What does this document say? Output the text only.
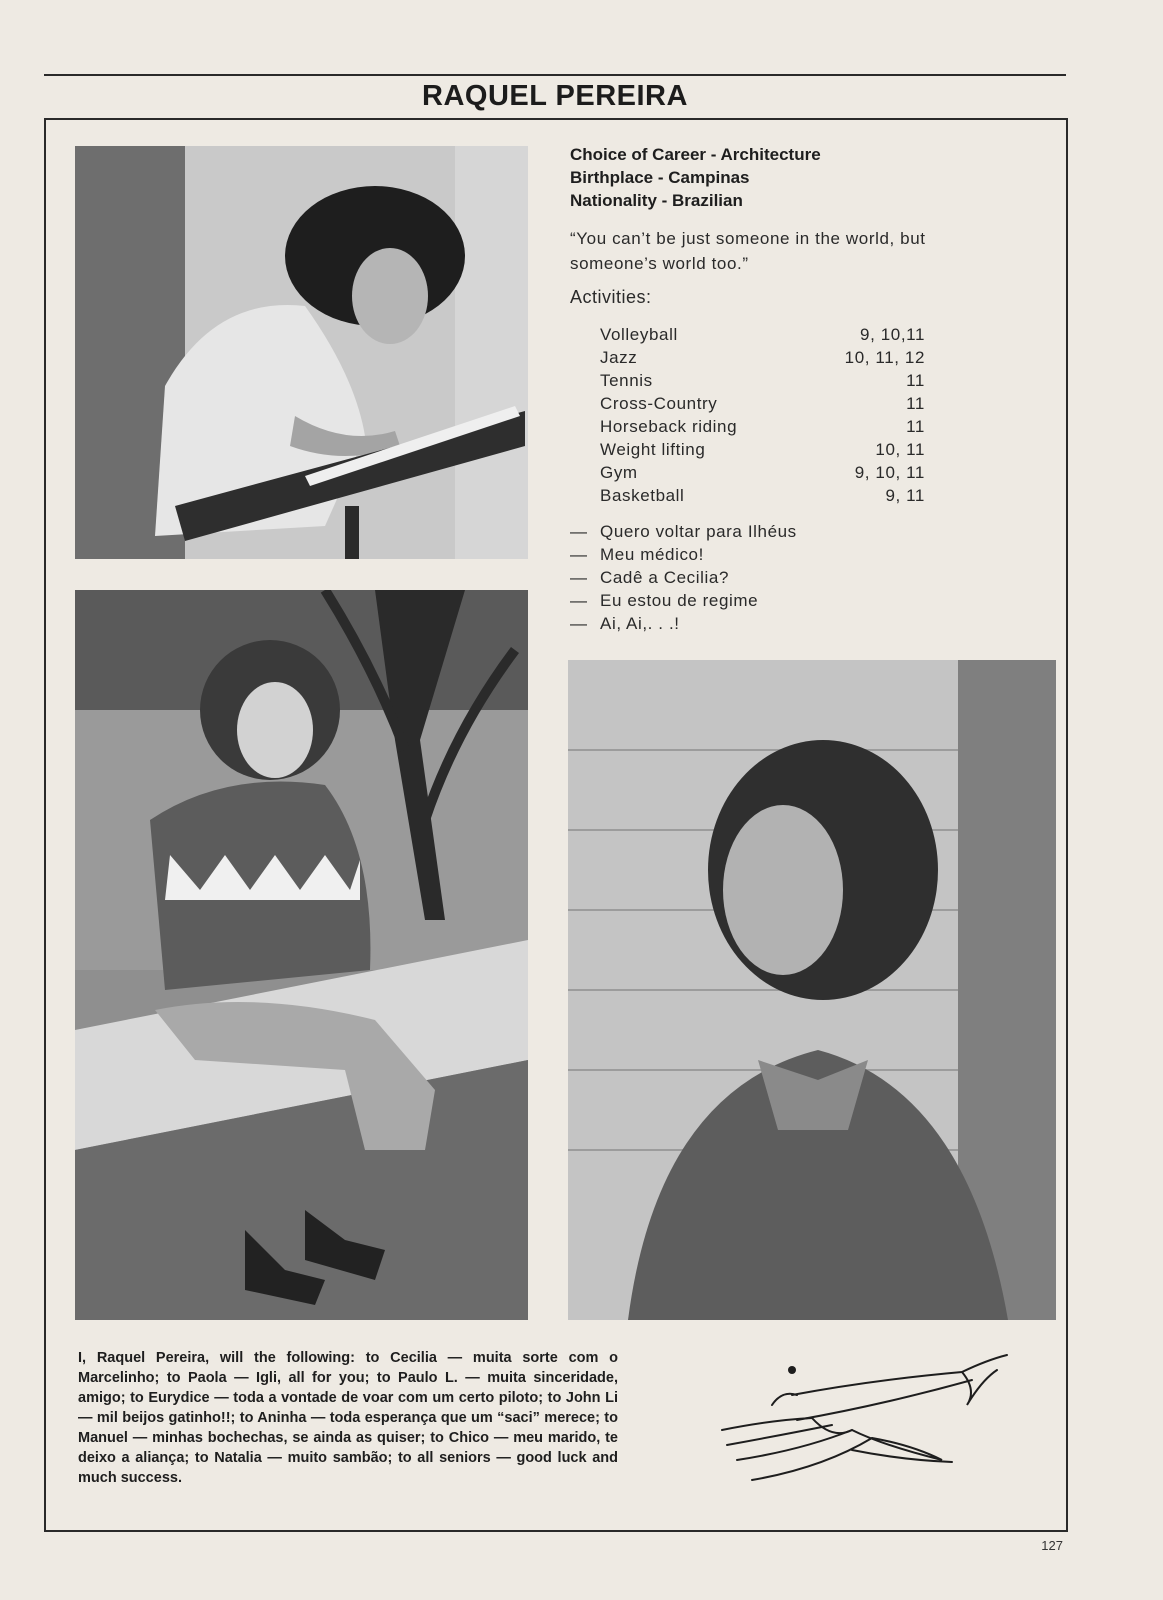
RAQUEL PEREIRA
Choice of Career - Architecture
Birthplace - Campinas
Nationality - Brazilian
“You can’t be just someone in the world, but someone’s world too.”
Activities:
Volleyball	9, 10,11
Jazz	10, 11, 12
Tennis	11
Cross-Country	11
Horseback riding	11
Weight lifting	10, 11
Gym	9, 10, 11
Basketball	9, 11
— Quero voltar para Ilhéus
— Meu médico!
— Cadê a Cecilia?
— Eu estou de regime
— Ai, Ai,. . .!
I, Raquel Pereira, will the following: to Cecilia — muita sorte com o Marcelinho; to Paola — Igli, all for you; to Paulo L. — muita sinceridade, amigo; to Eurydice — toda a vontade de voar com um certo piloto; to John Li — mil beijos gatinho!!; to Aninha — toda esperança que um “saci” merece; to Manuel — minhas bochechas, se ainda as quiser; to Chico — meu marido, te deixo a aliança; to Natalia — muito sambão; to all seniors — good luck and much success.
127
